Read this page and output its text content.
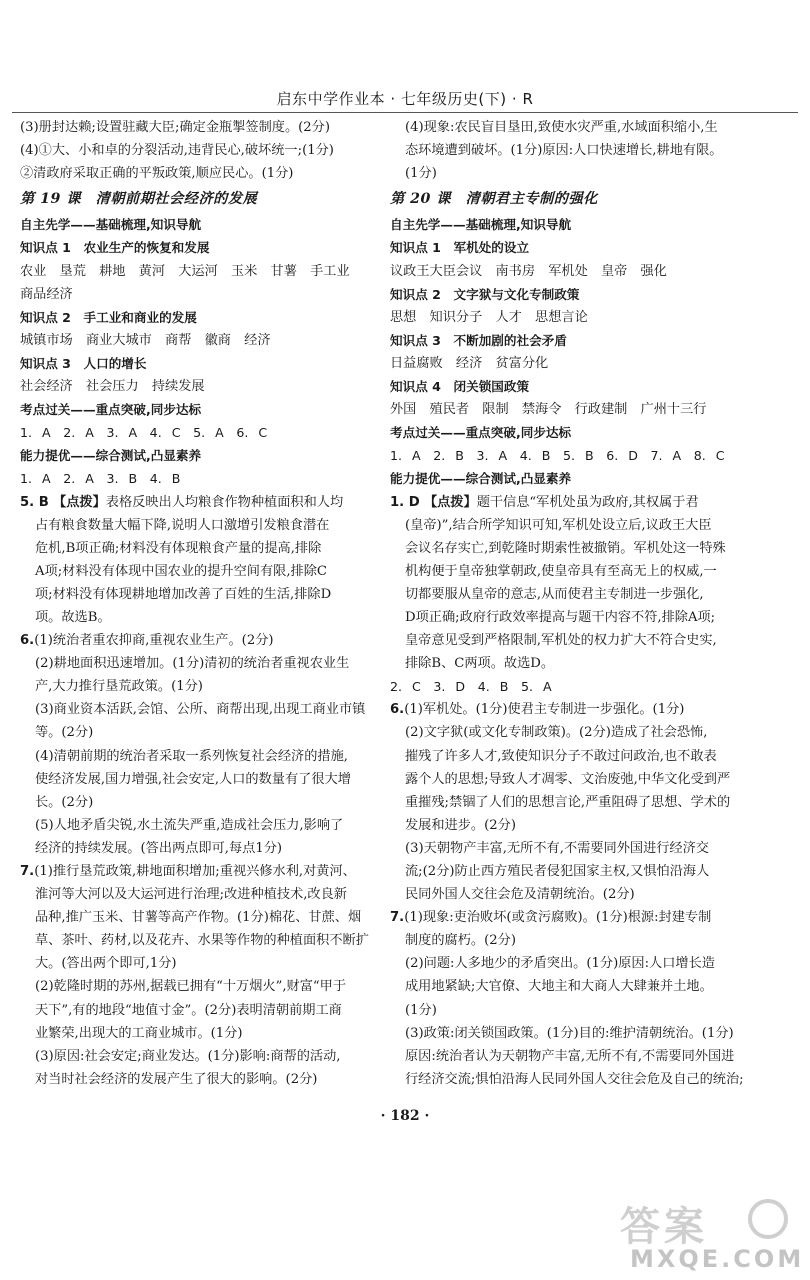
启东中学作业本 · 七年级历史(下) · R

(3)册封达赖;设置驻藏大臣;确定金瓶掣签制度。(2分)

(4)①大、小和卓的分裂活动,违背民心,破坏统一;(1分)

②清政府采取正确的平叛政策,顺应民心。(1分)

第 19 课　清朝前期社会经济的发展

自主先学——基础梳理,知识导航

知识点 1　农业生产的恢复和发展

农业　垦荒　耕地　黄河　大运河　玉米　甘薯　手工业

商品经济

知识点 2　手工业和商业的发展

城镇市场　商业大城市　商帮　徽商　经济

知识点 3　人口的增长

社会经济　社会压力　持续发展

考点过关——重点突破,同步达标

1. A　2. A　3. A　4. C　5. A　6. C

能力提优——综合测试,凸显素养

1. A　2. A　3. B　4. B

5. B 【点拨】表格反映出人均粮食作物种植面积和人均

占有粮食数量大幅下降,说明人口激增引发粮食潜在

危机,B项正确;材料没有体现粮食产量的提高,排除

A项;材料没有体现中国农业的提升空间有限,排除C

项;材料没有体现耕地增加改善了百姓的生活,排除D

项。故选B。

6.(1)统治者重农抑商,重视农业生产。(2分)

(2)耕地面积迅速增加。(1分)清初的统治者重视农业生

产,大力推行垦荒政策。(1分)

(3)商业资本活跃,会馆、公所、商帮出现,出现工商业市镇

等。(2分)

(4)清朝前期的统治者采取一系列恢复社会经济的措施,

使经济发展,国力增强,社会安定,人口的数量有了很大增

长。(2分)

(5)人地矛盾尖锐,水土流失严重,造成社会压力,影响了

经济的持续发展。(答出两点即可,每点1分)

7.(1)推行垦荒政策,耕地面积增加;重视兴修水利,对黄河、

淮河等大河以及大运河进行治理;改进种植技术,改良新

品种,推广玉米、甘薯等高产作物。(1分)棉花、甘蔗、烟

草、茶叶、药材,以及花卉、水果等作物的种植面积不断扩

大。(答出两个即可,1分)

(2)乾隆时期的苏州,据载已拥有“十万烟火”,财富“甲于

天下”,有的地段“地值寸金”。(2分)表明清朝前期工商

业繁荣,出现大的工商业城市。(1分)

(3)原因:社会安定;商业发达。(1分)影响:商帮的活动,

对当时社会经济的发展产生了很大的影响。(2分)

(4)现象:农民盲目垦田,致使水灾严重,水域面积缩小,生

态环境遭到破坏。(1分)原因:人口快速增长,耕地有限。

(1分)

第 20 课　清朝君主专制的强化

自主先学——基础梳理,知识导航

知识点 1　军机处的设立

议政王大臣会议　南书房　军机处　皇帝　强化

知识点 2　文字狱与文化专制政策

思想　知识分子　人才　思想言论

知识点 3　不断加剧的社会矛盾

日益腐败　经济　贫富分化

知识点 4　闭关锁国政策

外国　殖民者　限制　禁海令　行政建制　广州十三行

考点过关——重点突破,同步达标

1. A　2. B　3. A　4. B　5. B　6. D　7. A　8. C

能力提优——综合测试,凸显素养

1. D 【点拨】题干信息“军机处虽为政府,其权属于君

(皇帝)”,结合所学知识可知,军机处设立后,议政王大臣

会议名存实亡,到乾隆时期索性被撤销。军机处这一特殊

机构便于皇帝独掌朝政,使皇帝具有至高无上的权威,一

切都要服从皇帝的意志,从而使君主专制进一步强化,

D项正确;政府行政效率提高与题干内容不符,排除A项;

皇帝意见受到严格限制,军机处的权力扩大不符合史实,

排除B、C两项。故选D。

2. C　3. D　4. B　5. A

6.(1)军机处。(1分)使君主专制进一步强化。(1分)

(2)文字狱(或文化专制政策)。(2分)造成了社会恐怖,

摧残了许多人才,致使知识分子不敢过问政治,也不敢表

露个人的思想;导致人才凋零、文治废弛,中华文化受到严

重摧残;禁锢了人们的思想言论,严重阻碍了思想、学术的

发展和进步。(2分)

(3)天朝物产丰富,无所不有,不需要同外国进行经济交

流;(2分)防止西方殖民者侵犯国家主权,又惧怕沿海人

民同外国人交往会危及清朝统治。(2分)

7.(1)现象:吏治败坏(或贪污腐败)。(1分)根源:封建专制

制度的腐朽。(2分)

(2)问题:人多地少的矛盾突出。(1分)原因:人口增长造

成用地紧缺;大官僚、大地主和大商人大肆兼并土地。

(1分)

(3)政策:闭关锁国政策。(1分)目的:维护清朝统治。(1分)

原因:统治者认为天朝物产丰富,无所不有,不需要同外国进

行经济交流;惧怕沿海人民同外国人交往会危及自己的统治;

· 182 ·
答案
MXQE.COM
